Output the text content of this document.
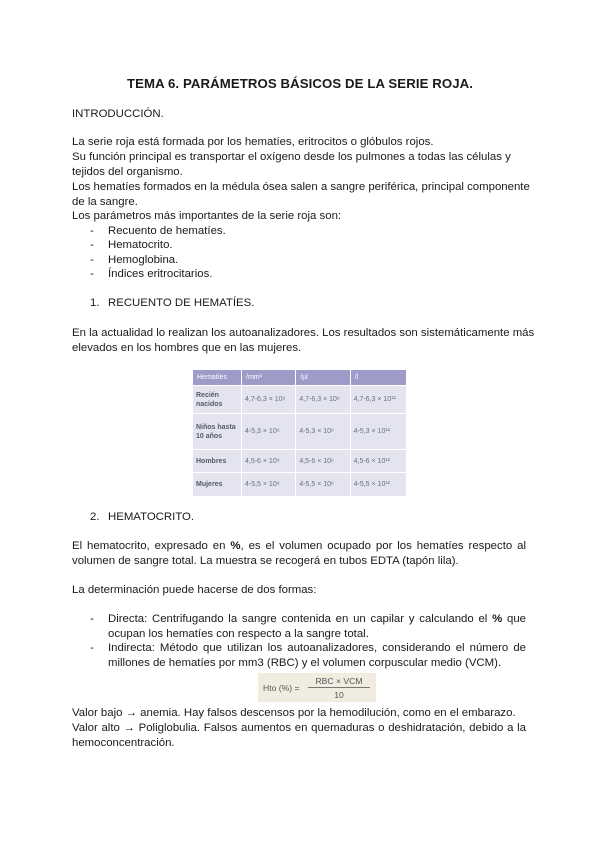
TEMA 6. PARÁMETROS BÁSICOS DE LA SERIE ROJA.
INTRODUCCIÓN.
La serie roja está formada por los hematíes, eritrocitos o glóbulos rojos.
Su función principal es transportar el oxígeno desde los pulmones a todas las células y
tejidos del organismo.
Los hematíes formados en la médula ósea salen a sangre periférica, principal componente
de la sangre.
Los parámetros más importantes de la serie roja son:
- Recuento de hematíes.
- Hematocrito.
- Hemoglobina.
- Índices eritrocitarios.
1. RECUENTO DE HEMATÍES.
En la actualidad lo realizan los autoanalizadores. Los resultados son sistemáticamente más
elevados en los hombres que en las mujeres.
Hematíes	/mm³	/µl	/l
Recién nacidos	4,7-6,3 × 10⁶	4,7-6,3 × 10⁶	4,7-6,3 × 10¹²
Niños hasta 10 años	4-5,3 × 10⁶	4-5,3 × 10⁶	4-5,3 × 10¹²
Hombres	4,5-6 × 10⁶	4,5-6 × 10⁶	4,5-6 × 10¹²
Mujeres	4-5,5 × 10⁶	4-5,5 × 10⁶	4-5,5 × 10¹²
2. HEMATOCRITO.
El hematocrito, expresado en %, es el volumen ocupado por los hematíes respecto al
volumen de sangre total. La muestra se recogerá en tubos EDTA (tapón lila).
La determinación puede hacerse de dos formas:
- Directa: Centrifugando la sangre contenida en un capilar y calculando el % que
ocupan los hematíes con respecto a la sangre total.
- Indirecta: Método que utilizan los autoanalizadores, considerando el número de
millones de hematíes por mm3 (RBC) y el volumen corpuscular medio (VCM).
Hto (%) =
RBC × VCM
10
Valor bajo → anemia. Hay falsos descensos por la hemodilución, como en el embarazo.
Valor alto → Poliglobulia. Falsos aumentos en quemaduras o deshidratación, debido a la
hemoconcentración.
